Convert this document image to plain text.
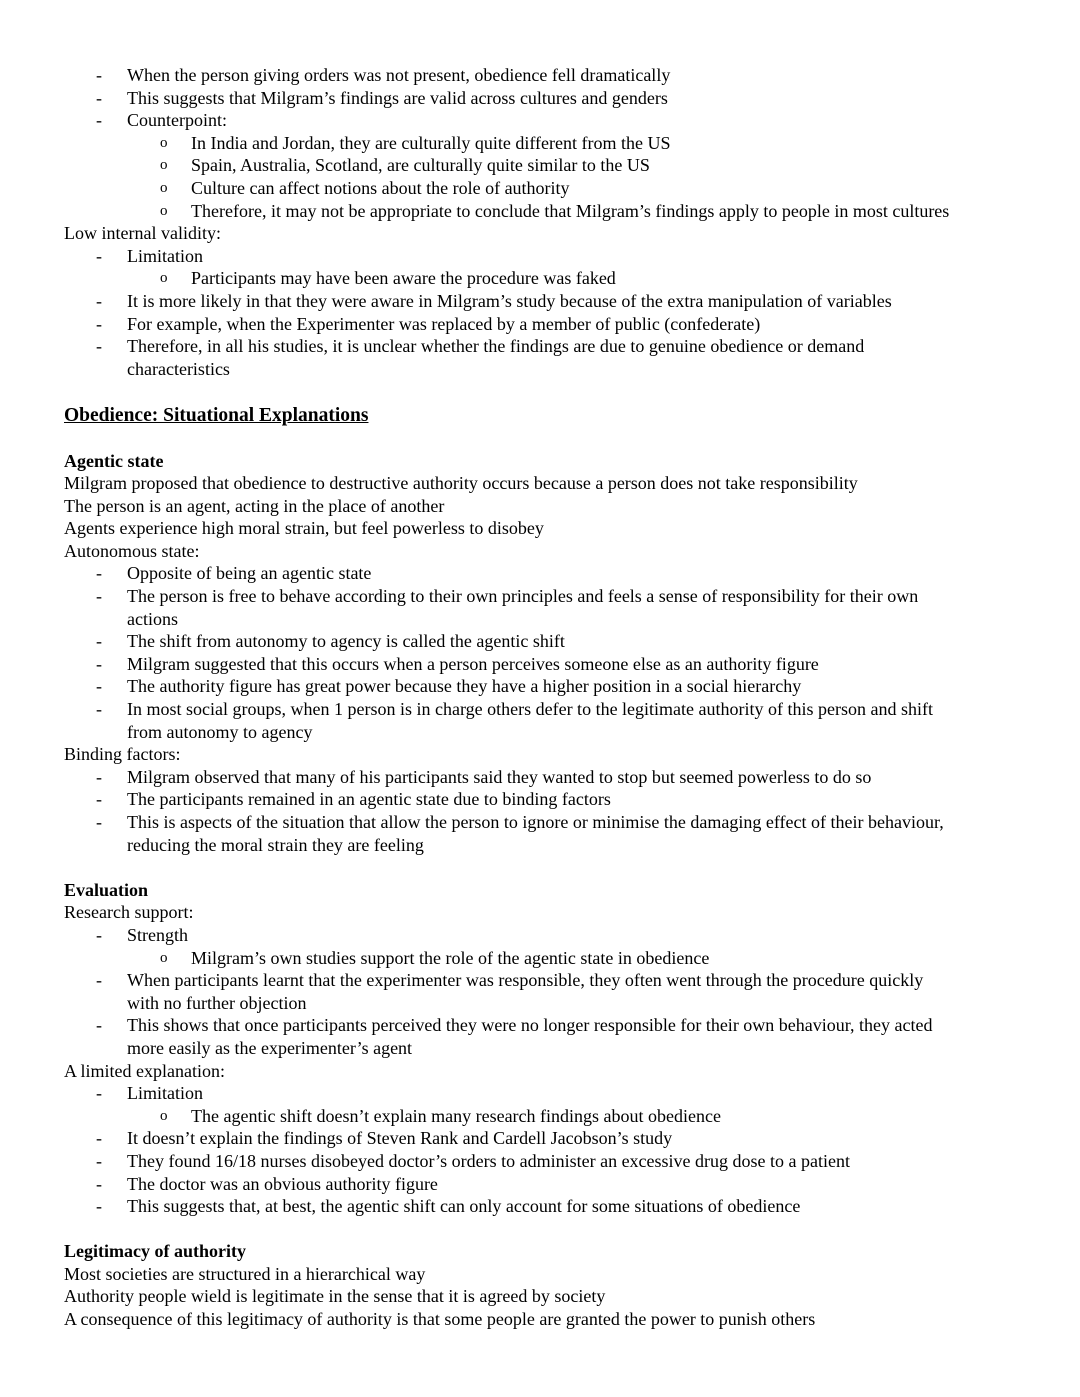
- When the person giving orders was not present, obedience fell dramatically
- This suggests that Milgram’s findings are valid across cultures and genders
- Counterpoint:
o In India and Jordan, they are culturally quite different from the US
o Spain, Australia, Scotland, are culturally quite similar to the US
o Culture can affect notions about the role of authority
o Therefore, it may not be appropriate to conclude that Milgram’s findings apply to people in most cultures
Low internal validity:
- Limitation
o Participants may have been aware the procedure was faked
- It is more likely in that they were aware in Milgram’s study because of the extra manipulation of variables
- For example, when the Experimenter was replaced by a member of public (confederate)
- Therefore, in all his studies, it is unclear whether the findings are due to genuine obedience or demand
characteristics
Obedience: Situational Explanations
Agentic state
Milgram proposed that obedience to destructive authority occurs because a person does not take responsibility
The person is an agent, acting in the place of another
Agents experience high moral strain, but feel powerless to disobey
Autonomous state:
- Opposite of being an agentic state
- The person is free to behave according to their own principles and feels a sense of responsibility for their own
actions
- The shift from autonomy to agency is called the agentic shift
- Milgram suggested that this occurs when a person perceives someone else as an authority figure
- The authority figure has great power because they have a higher position in a social hierarchy
- In most social groups, when 1 person is in charge others defer to the legitimate authority of this person and shift
from autonomy to agency
Binding factors:
- Milgram observed that many of his participants said they wanted to stop but seemed powerless to do so
- The participants remained in an agentic state due to binding factors
- This is aspects of the situation that allow the person to ignore or minimise the damaging effect of their behaviour,
reducing the moral strain they are feeling
Evaluation
Research support:
- Strength
o Milgram’s own studies support the role of the agentic state in obedience
- When participants learnt that the experimenter was responsible, they often went through the procedure quickly
with no further objection
- This shows that once participants perceived they were no longer responsible for their own behaviour, they acted
more easily as the experimenter’s agent
A limited explanation:
- Limitation
o The agentic shift doesn’t explain many research findings about obedience
- It doesn’t explain the findings of Steven Rank and Cardell Jacobson’s study
- They found 16/18 nurses disobeyed doctor’s orders to administer an excessive drug dose to a patient
- The doctor was an obvious authority figure
- This suggests that, at best, the agentic shift can only account for some situations of obedience
Legitimacy of authority
Most societies are structured in a hierarchical way
Authority people wield is legitimate in the sense that it is agreed by society
A consequence of this legitimacy of authority is that some people are granted the power to punish others
